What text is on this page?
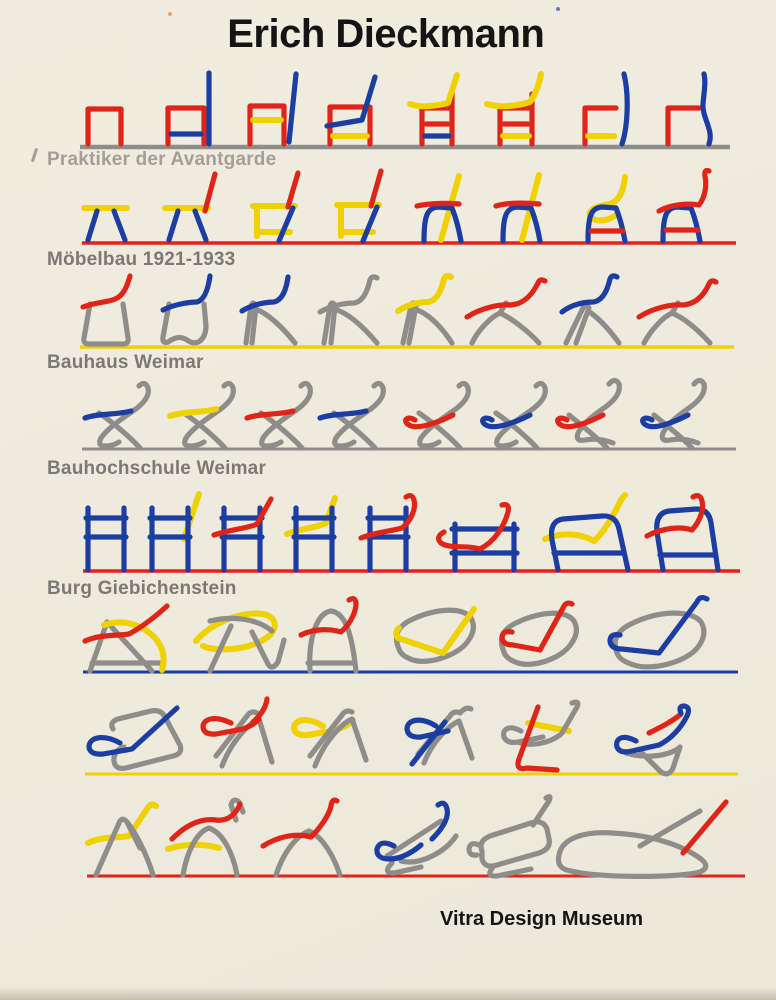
Erich Dieckmann
Praktiker der Avantgarde
Möbelbau 1921-1933
Bauhaus Weimar
Bauhochschule Weimar
Burg Giebichenstein
Vitra Design Museum
